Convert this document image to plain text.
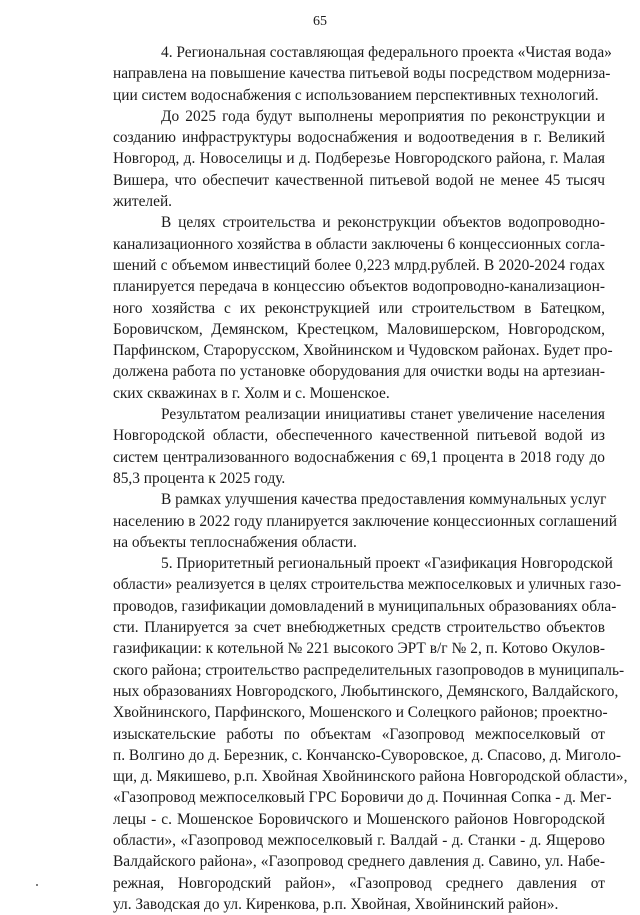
65
4. Региональная составляющая федерального проекта «Чистая вода»
направлена на повышение качества питьевой воды посредством модерниза-
ции систем водоснабжения с использованием перспективных технологий.
До 2025 года будут выполнены мероприятия по реконструкции и
созданию инфраструктуры водоснабжения и водоотведения в г. Великий
Новгород, д. Новоселицы и д. Подберезье Новгородского района, г. Малая
Вишера, что обеспечит качественной питьевой водой не менее 45 тысяч
жителей.
В целях строительства и реконструкции объектов водопроводно-
канализационного хозяйства в области заключены 6 концессионных согла-
шений с объемом инвестиций более 0,223 млрд.рублей. В 2020-2024 годах
планируется передача в концессию объектов водопроводно-канализацион-
ного хозяйства с их реконструкцией или строительством в Батецком,
Боровичском, Демянском, Крестецком, Маловишерском, Новгородском,
Парфинском, Старорусском, Хвойнинском и Чудовском районах. Будет про-
должена работа по установке оборудования для очистки воды на артезиан-
ских скважинах в г. Холм и с. Мошенское.
Результатом реализации инициативы станет увеличение населения
Новгородской области, обеспеченного качественной питьевой водой из
систем централизованного водоснабжения с 69,1 процента в 2018 году до
85,3 процента к 2025 году.
В рамках улучшения качества предоставления коммунальных услуг
населению в 2022 году планируется заключение концессионных соглашений
на объекты теплоснабжения области.
5. Приоритетный региональный проект «Газификация Новгородской
области» реализуется в целях строительства межпоселковых и уличных газо-
проводов, газификации домовладений в муниципальных образованиях обла-
сти. Планируется за счет внебюджетных средств строительство объектов
газификации: к котельной № 221 высокого ЭРТ в/г № 2, п. Котово Окулов-
ского района; строительство распределительных газопроводов в муниципаль-
ных образованиях Новгородского, Любытинского, Демянского, Валдайского,
Хвойнинского, Парфинского, Мошенского и Солецкого районов; проектно-
изыскательские работы по объектам «Газопровод межпоселковый от
п. Волгино до д. Березник, с. Кончанско-Суворовское, д. Спасово, д. Миголо-
щи, д. Мякишево, р.п. Хвойная Хвойнинского района Новгородской области»,
«Газопровод межпоселковый ГРС Боровичи до д. Починная Сопка - д. Мег-
лецы - с. Мошенское Боровичского и Мошенского районов Новгородской
области», «Газопровод межпоселковый г. Валдай - д. Станки - д. Ящерово
Валдайского района», «Газопровод среднего давления д. Савино, ул. Набе-
режная, Новгородский район», «Газопровод среднего давления от
ул. Заводская до ул. Киренкова, р.п. Хвойная, Хвойнинский район».
